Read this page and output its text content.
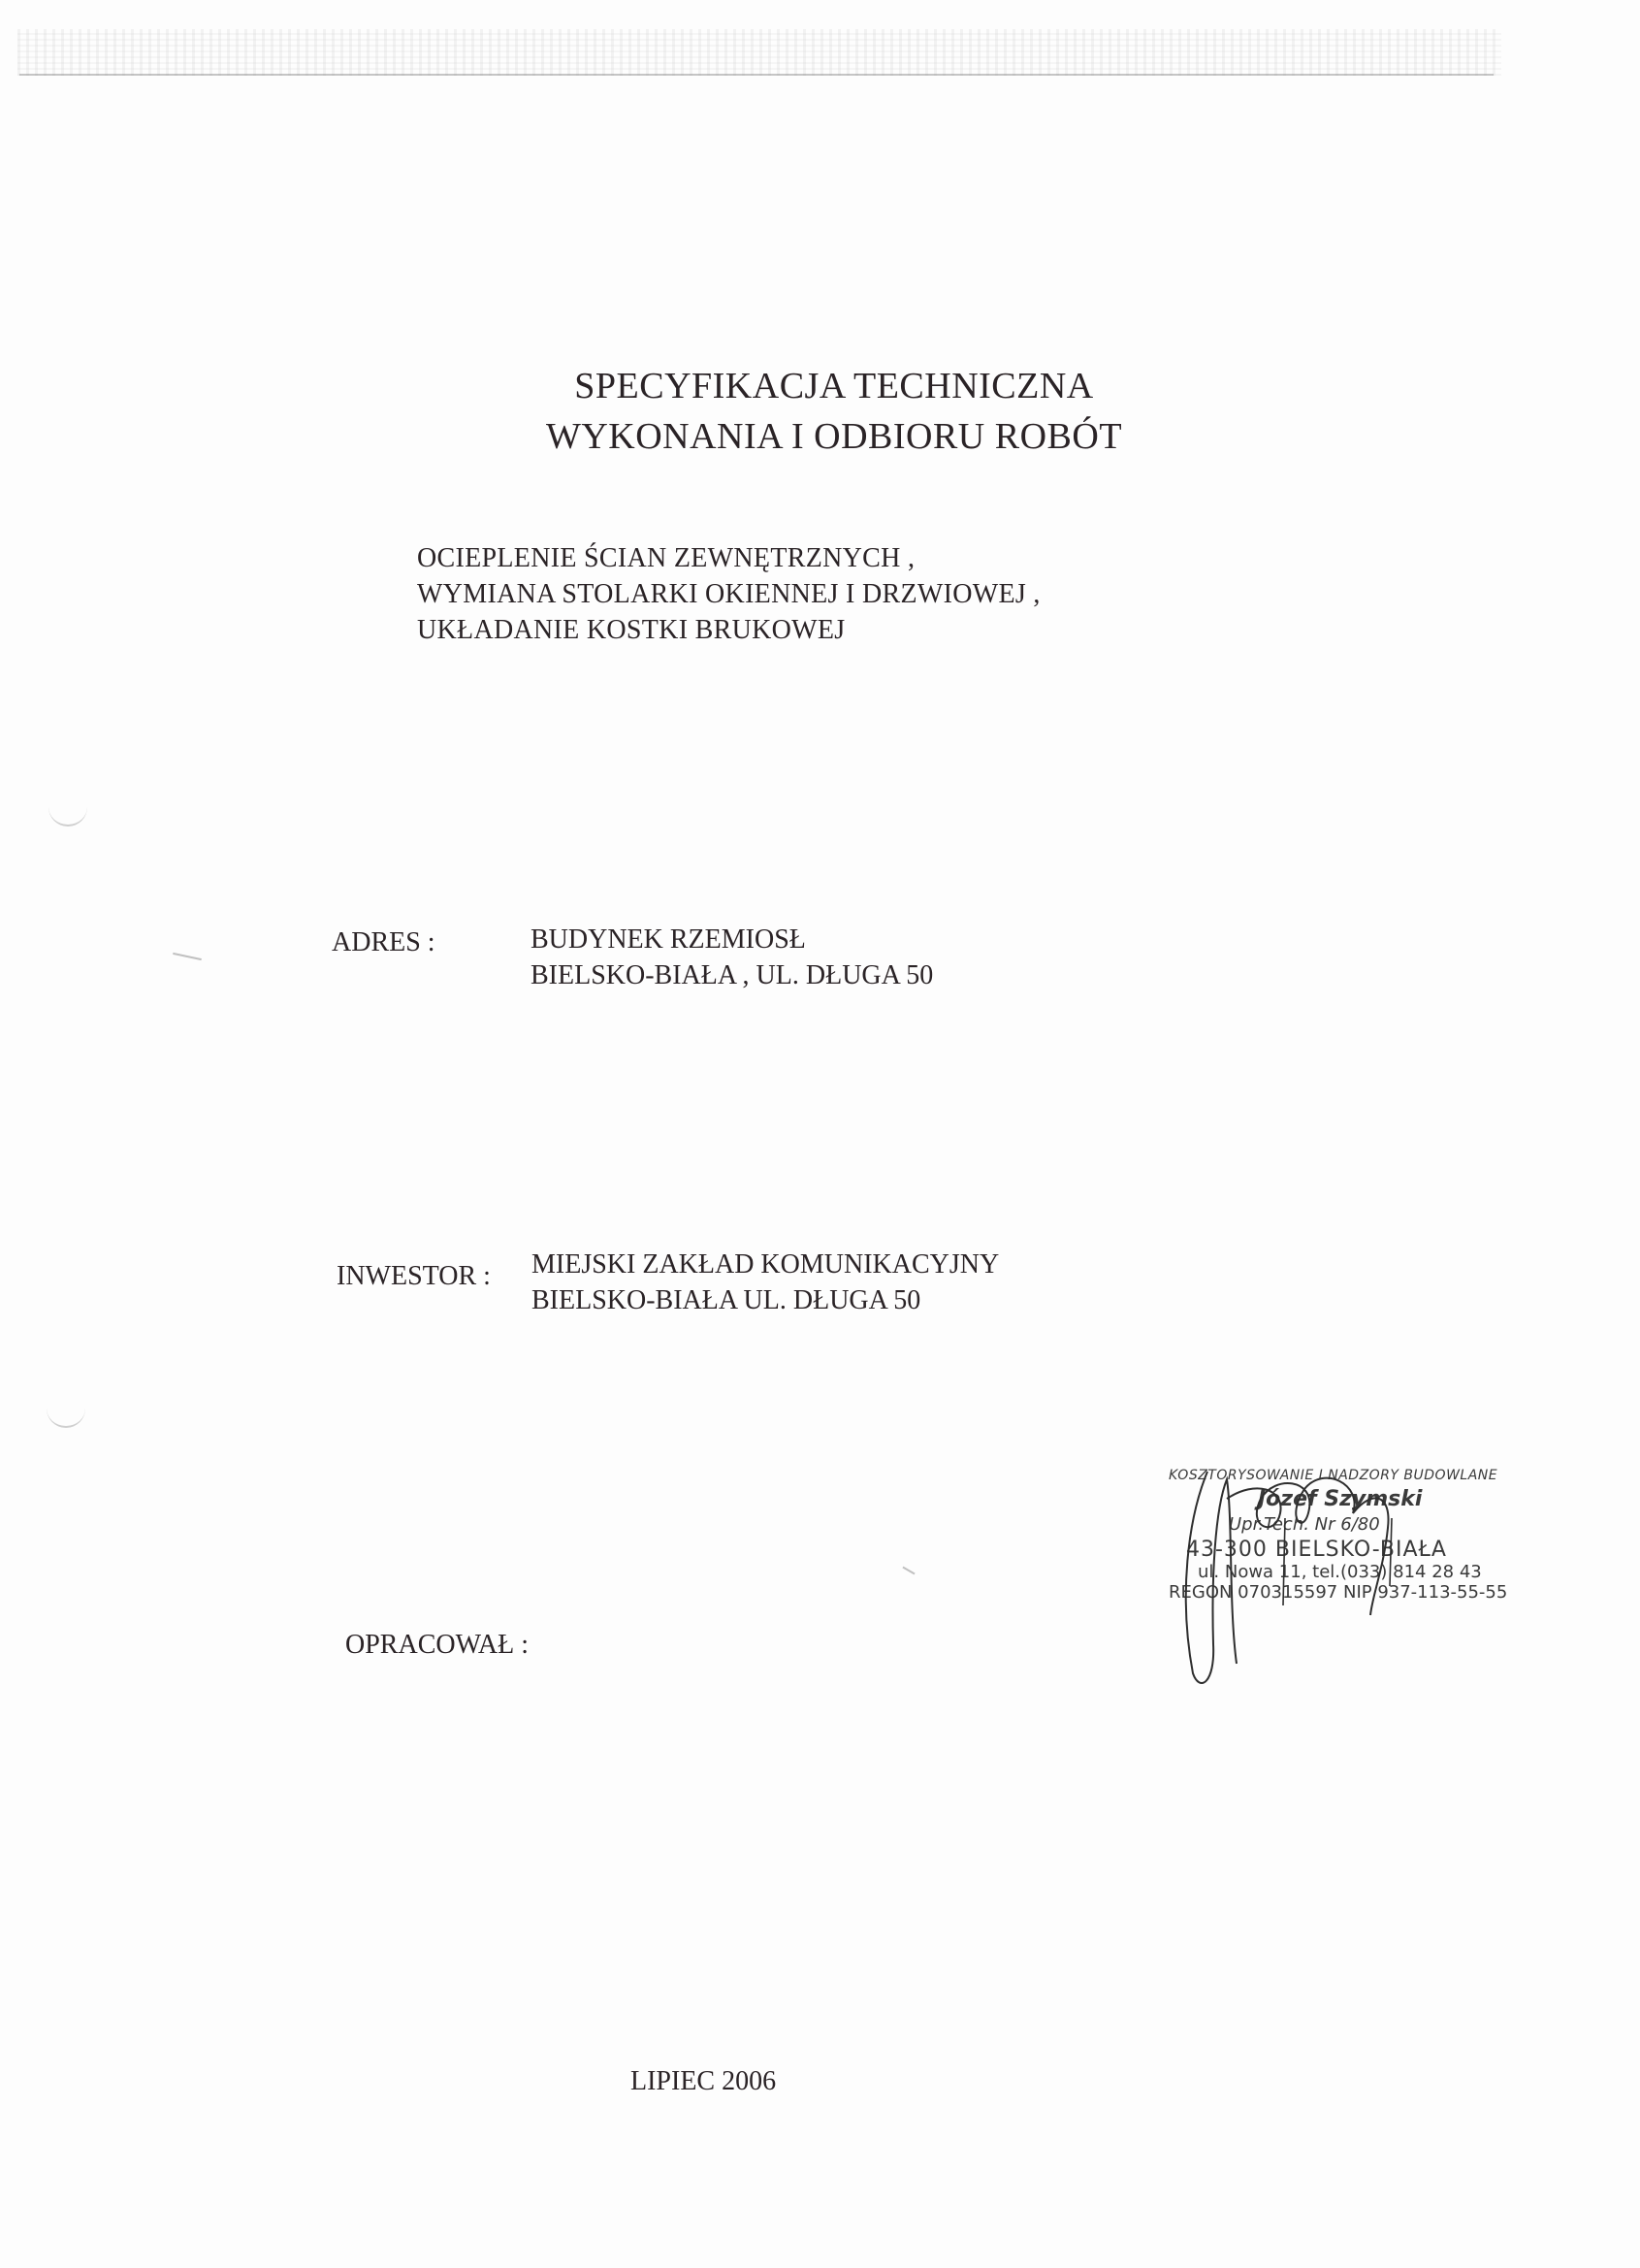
SPECYFIKACJA TECHNICZNA
WYKONANIA I ODBIORU ROBÓT
OCIEPLENIE ŚCIAN ZEWNĘTRZNYCH ,
WYMIANA STOLARKI OKIENNEJ I DRZWIOWEJ ,
UKŁADANIE KOSTKI BRUKOWEJ
ADRES :	BUDYNEK RZEMIOSŁ
BIELSKO-BIAŁA , UL. DŁUGA 50
INWESTOR : MIEJSKI ZAKŁAD KOMUNIKACYJNY
BIELSKO-BIAŁA UL. DŁUGA 50
OPRACOWAŁ :
KOSZTORYSOWANIE I NADZORY BUDOWLANE
Józef Szymski
Upr.Tech. Nr 6/80
43-300 BIELSKO-BIAŁA
ul. Nowa 11, tel.(033) 814 28 43
REGON 070315597 NIP 937-113-55-55
LIPIEC 2006
